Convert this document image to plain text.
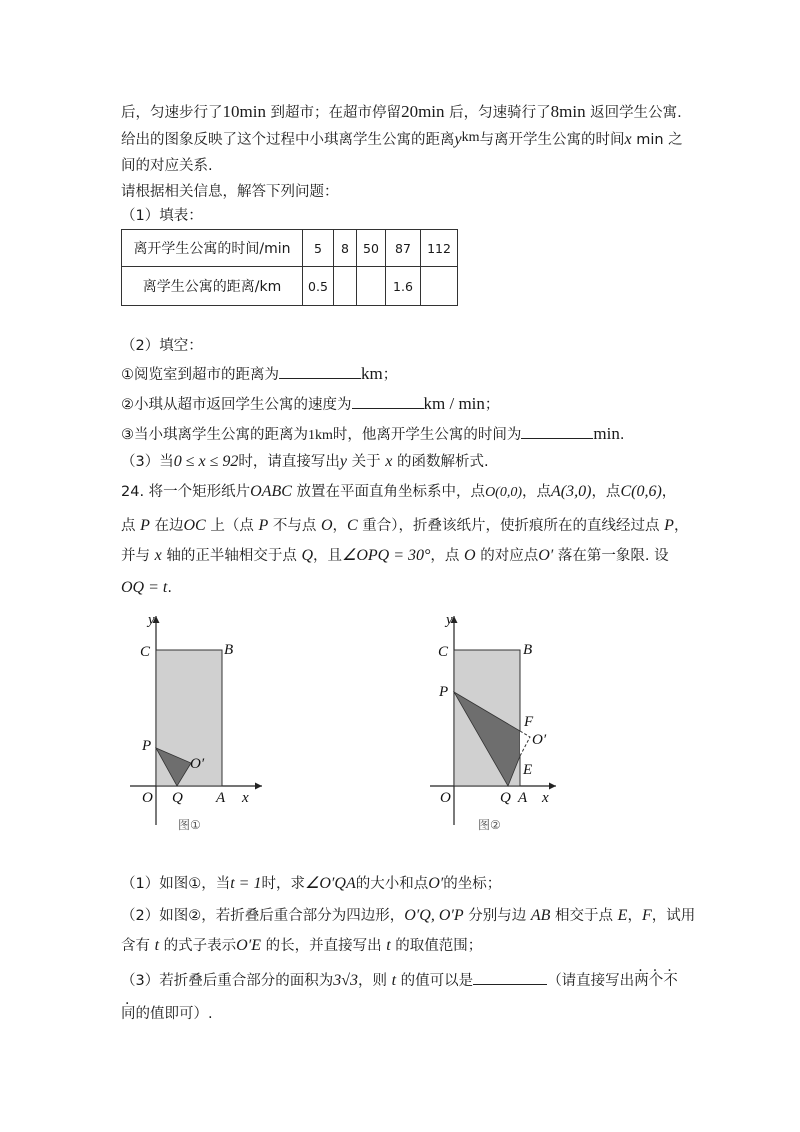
后，匀速步行了10min 到超市；在超市停留20min 后，匀速骑行了8min 返回学生公寓.
给出的图象反映了这个过程中小琪离学生公寓的距离ykm与离开学生公寓的时间x min 之
间的对应关系.
请根据相关信息，解答下列问题：
（1）填表：
离开学生公寓的时间/min	5	8	50	87	112
离学生公寓的距离/km	0.5			1.6	
（2）填空：
①阅览室到超市的距离为	km；
②小琪从超市返回学生公寓的速度为	km / min；
③当小琪离学生公寓的距离为1km时，他离开学生公寓的时间为	min.
（3）当0 ≤ x ≤ 92时，请直接写出y 关于 x 的函数解析式.
24. 将一个矩形纸片OABC 放置在平面直角坐标系中，点O(0,0)，点A(3,0)，点C(0,6)，
点 P 在边OC 上（点 P 不与点 O，C 重合），折叠该纸片，使折痕所在的直线经过点 P，
并与 x 轴的正半轴相交于点 Q，且∠OPQ = 30°，点 O 的对应点O′ 落在第一象限. 设
OQ = t.
y
x
C	B
P
O′
O Q A
图①
y
x
C	B
P
F
O′
E
O	Q A
图②
（1）如图①，当t = 1时，求∠O′QA的大小和点O′的坐标；
（2）如图②，若折叠后重合部分为四边形，O′Q, O′P 分别与边 AB 相交于点 E，F，试用
含有 t 的式子表示O′E 的长，并直接写出 t 的取值范围；
（3）若折叠后重合部分的面积为3√3，则 t 的值可以是	（请直接写出两个不
同的值即可）.
